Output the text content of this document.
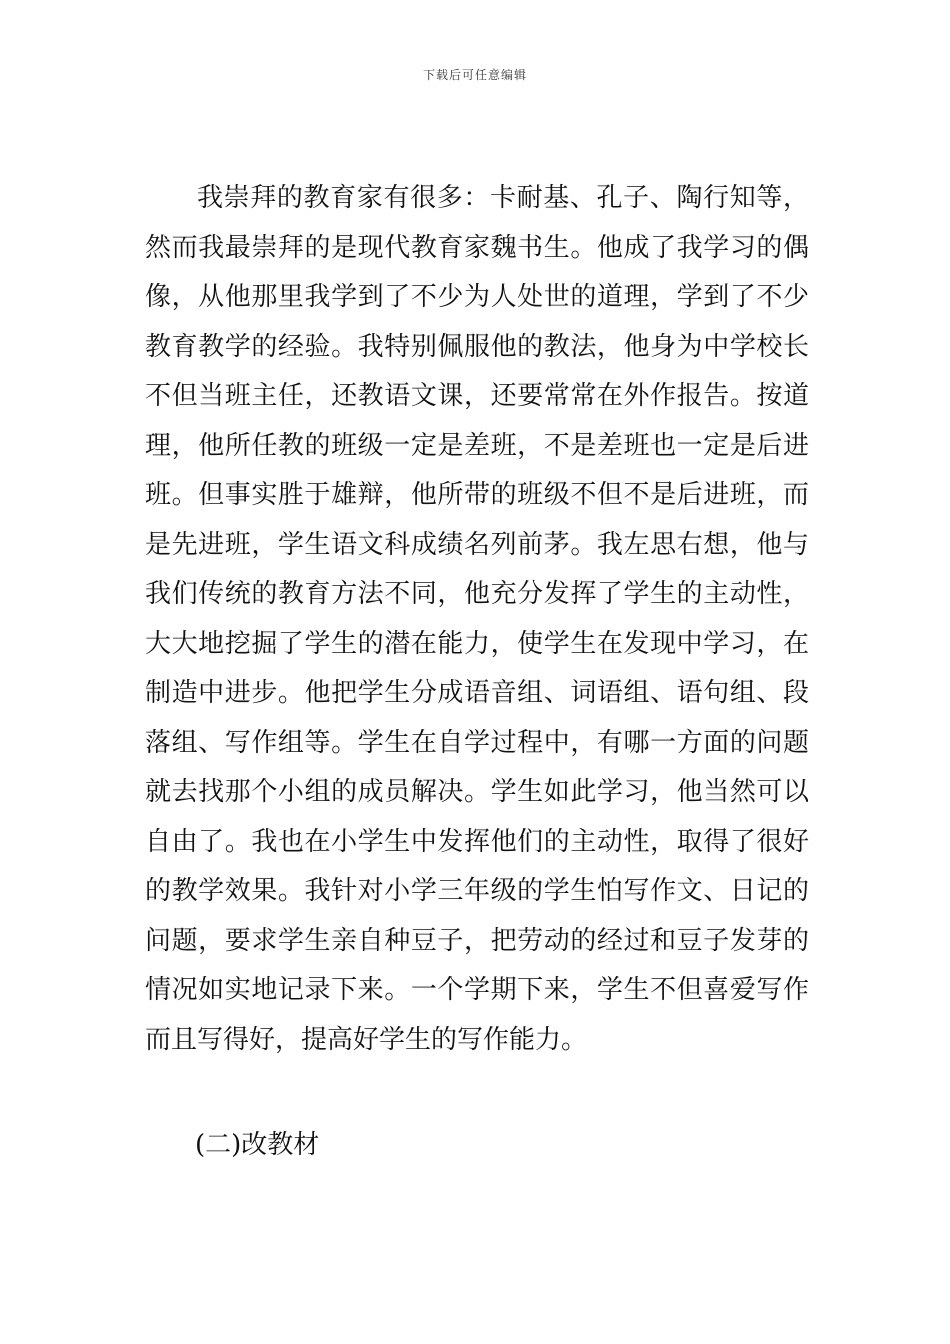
下载后可任意编辑
我崇拜的教育家有很多：卡耐基、孔子、陶行知等，
然而我最崇拜的是现代教育家魏书生。他成了我学习的偶
像，从他那里我学到了不少为人处世的道理，学到了不少
教育教学的经验。我特别佩服他的教法，他身为中学校长
不但当班主任，还教语文课，还要常常在外作报告。按道
理，他所任教的班级一定是差班，不是差班也一定是后进
班。但事实胜于雄辩，他所带的班级不但不是后进班，而
是先进班，学生语文科成绩名列前茅。我左思右想，他与
我们传统的教育方法不同，他充分发挥了学生的主动性，
大大地挖掘了学生的潜在能力，使学生在发现中学习，在
制造中进步。他把学生分成语音组、词语组、语句组、段
落组、写作组等。学生在自学过程中，有哪一方面的问题
就去找那个小组的成员解决。学生如此学习，他当然可以
自由了。我也在小学生中发挥他们的主动性，取得了很好
的教学效果。我针对小学三年级的学生怕写作文、日记的
问题，要求学生亲自种豆子，把劳动的经过和豆子发芽的
情况如实地记录下来。一个学期下来，学生不但喜爱写作
而且写得好，提高好学生的写作能力。
(二)改教材
